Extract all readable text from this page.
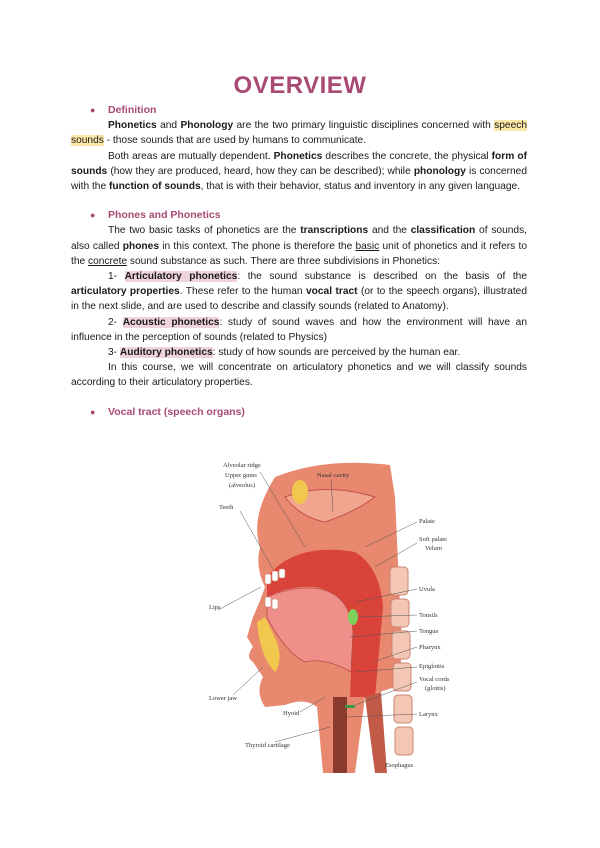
OVERVIEW
● Definition

Phonetics and Phonology are the two primary linguistic disciplines concerned with speech sounds - those sounds that are used by humans to communicate.

Both areas are mutually dependent. Phonetics describes the concrete, the physical form of sounds (how they are produced, heard, how they can be described); while phonology is concerned with the function of sounds, that is with their behavior, status and inventory in any given language.

● Phones and Phonetics

The two basic tasks of phonetics are the transcriptions and the classification of sounds, also called phones in this context. The phone is therefore the basic unit of phonetics and it refers to the concrete sound substance as such. There are three subdivisions in Phonetics:

1- Articulatory phonetics: the sound substance is described on the basis of the articulatory properties. These refer to the human vocal tract (or to the speech organs), illustrated in the next slide, and are used to describe and classify sounds (related to Anatomy).

2- Acoustic phonetics: study of sound waves and how the environment will have an influence in the perception of sounds (related to Physics)

3- Auditory phonetics: study of how sounds are perceived by the human ear.

In this course, we will concentrate on articulatory phonetics and we will classify sounds according to their articulatory properties.

● Vocal tract (speech organs)
Alveolar ridge
Upper gums
(alveolus)
Nasal cavity
Teeth
Palate
Soft palate
Velum
Uvula
Lips
Tonsils
Tongue
Pharynx
Epiglottis
Lower jaw
Vocal cords
(glottis)
Hyoid	Larynx
Thyroid cartilage
Esophagus
